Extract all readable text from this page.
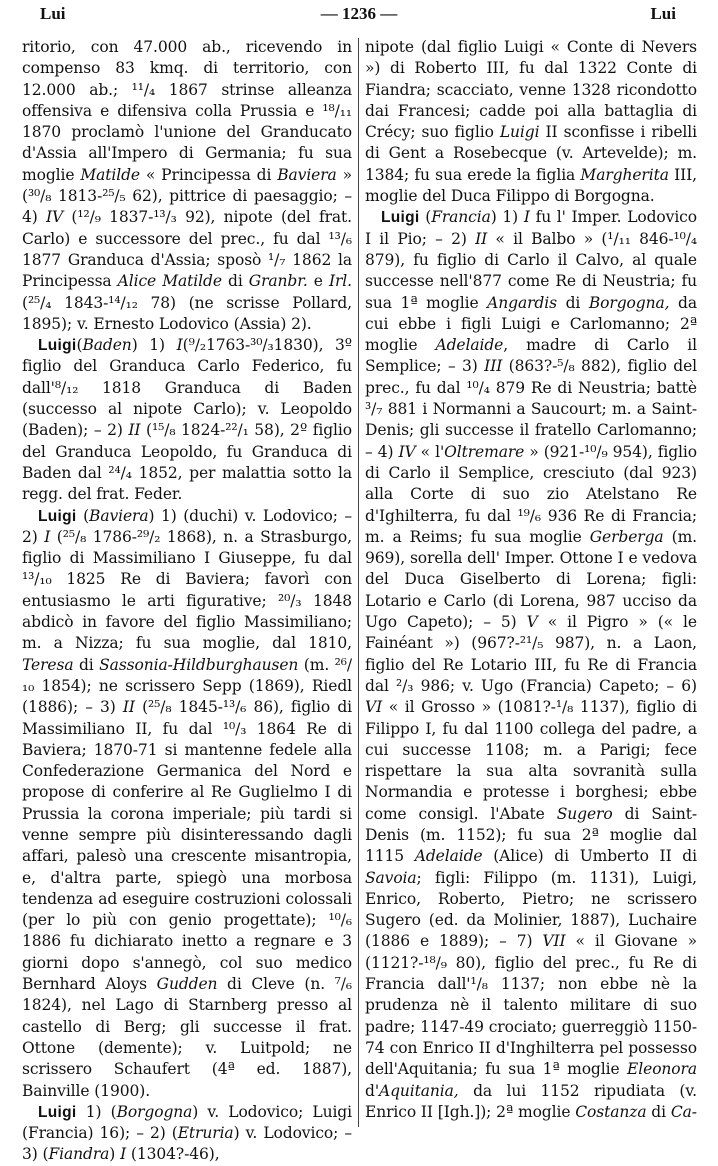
Lui	— 1236 —	Lui

ritorio, con 47.000 ab., ricevendo in compenso 83 kmq. di territorio, con 12.000 ab.; ¹¹/₄ 1867 strinse alleanza offensiva e difensiva colla Prussia e ¹⁸/₁₁ 1870 proclamò l'unione del Granducato d'Assia all'Impero di Germania; fu sua moglie Matilde « Principessa di Baviera » (³⁰/₈ 1813-²⁵/₅ 62), pittrice di paesaggio; – 4) IV (¹²/₉ 1837-¹³/₃ 92), nipote (del frat. Carlo) e successore del prec., fu dal ¹³/₆ 1877 Granduca d'Assia; sposò ¹/₇ 1862 la Principessa Alice Matilde di Granbr. e Irl. (²⁵/₄ 1843-¹⁴/₁₂ 78) (ne scrisse Pollard, 1895); v. Ernesto Lodovico (Assia) 2).

Luigi(Baden) 1) I(⁹/₂1763-³⁰/₃1830), 3º figlio del Granduca Carlo Federico, fu dall'⁸/₁₂ 1818 Granduca di Baden (successo al nipote Carlo); v. Leopoldo (Baden); – 2) II (¹⁵/₈ 1824-²²/₁ 58), 2º figlio del Granduca Leopoldo, fu Granduca di Baden dal ²⁴/₄ 1852, per malattia sotto la regg. del frat. Feder.

Luigi (Baviera) 1) (duchi) v. Lodovico; – 2) I (²⁵/₈ 1786-²⁹/₂ 1868), n. a Strasburgo, figlio di Massimiliano I Giuseppe, fu dal ¹³/₁₀ 1825 Re di Baviera; favorì con entusiasmo le arti figurative; ²⁰/₃ 1848 abdicò in favore del figlio Massimiliano; m. a Nizza; fu sua moglie, dal 1810, Teresa di Sassonia-Hildburghausen (m. ²⁶/₁₀ 1854); ne scrissero Sepp (1869), Riedl (1886); – 3) II (²⁵/₈ 1845-¹³/₆ 86), figlio di Massimiliano II, fu dal ¹⁰/₃ 1864 Re di Baviera; 1870-71 si mantenne fedele alla Confederazione Germanica del Nord e propose di conferire al Re Guglielmo I di Prussia la corona imperiale; più tardi si venne sempre più disinteressando dagli affari, palesò una crescente misantropia, e, d'altra parte, spiegò una morbosa tendenza ad eseguire costruzioni colossali (per lo più con genio progettate); ¹⁰/₆ 1886 fu dichiarato inetto a regnare e 3 giorni dopo s'annegò, col suo medico Bernhard Aloys Gudden di Cleve (n. ⁷/₆ 1824), nel Lago di Starnberg presso al castello di Berg; gli successe il frat. Ottone (demente); v. Luitpold; ne scrissero Schaufert (4ª ed. 1887), Bainville (1900).

Luigi 1) (Borgogna) v. Lodovico; Luigi (Francia) 16); – 2) (Etruria) v. Lodovico; – 3) (Fiandra) I (1304?-46),

nipote (dal figlio Luigi « Conte di Nevers ») di Roberto III, fu dal 1322 Conte di Fiandra; scacciato, venne 1328 ricondotto dai Francesi; cadde poi alla battaglia di Crécy; suo figlio Luigi II sconfisse i ribelli di Gent a Rosebecque (v. Artevelde); m. 1384; fu sua erede la figlia Margherita III, moglie del Duca Filippo di Borgogna.

Luigi (Francia) 1) I fu l' Imper. Lodovico I il Pio; – 2) II « il Balbo » (¹/₁₁ 846-¹⁰/₄ 879), fu figlio di Carlo il Calvo, al quale successe nell'877 come Re di Neustria; fu sua 1ª moglie Angardis di Borgogna, da cui ebbe i figli Luigi e Carlomanno; 2ª moglie Adelaide, madre di Carlo il Semplice; – 3) III (863?-⁵/₈ 882), figlio del prec., fu dal ¹⁰/₄ 879 Re di Neustria; battè ³/₇ 881 i Normanni a Saucourt; m. a Saint-Denis; gli successe il fratello Carlomanno; – 4) IV « l'Oltremare » (921-¹⁰/₉ 954), figlio di Carlo il Semplice, cresciuto (dal 923) alla Corte di suo zio Atelstano Re d'Ighilterra, fu dal ¹⁹/₆ 936 Re di Francia; m. a Reims; fu sua moglie Gerberga (m. 969), sorella dell' Imper. Ottone I e vedova del Duca Giselberto di Lorena; figli: Lotario e Carlo (di Lorena, 987 ucciso da Ugo Capeto); – 5) V « il Pigro » (« le Fainéant ») (967?-²¹/₅ 987), n. a Laon, figlio del Re Lotario III, fu Re di Francia dal ²/₃ 986; v. Ugo (Francia) Capeto; – 6) VI « il Grosso » (1081?-¹/₈ 1137), figlio di Filippo I, fu dal 1100 collega del padre, a cui successe 1108; m. a Parigi; fece rispettare la sua alta sovranità sulla Normandia e protesse i borghesi; ebbe come consigl. l'Abate Sugero di Saint-Denis (m. 1152); fu sua 2ª moglie dal 1115 Adelaide (Alice) di Umberto II di Savoia; figli: Filippo (m. 1131), Luigi, Enrico, Roberto, Pietro; ne scrissero Sugero (ed. da Molinier, 1887), Luchaire (1886 e 1889); – 7) VII « il Giovane » (1121?-¹⁸/₉ 80), figlio del prec., fu Re di Francia dall'¹/₈ 1137; non ebbe nè la prudenza nè il talento militare di suo padre; 1147-49 crociato; guerreggiò 1150-74 con Enrico II d'Inghilterra pel possesso dell'Aquitania; fu sua 1ª moglie Eleonora d'Aquitania, da lui 1152 ripudiata (v. Enrico II [Igh.]); 2ª moglie Costanza di Ca-
